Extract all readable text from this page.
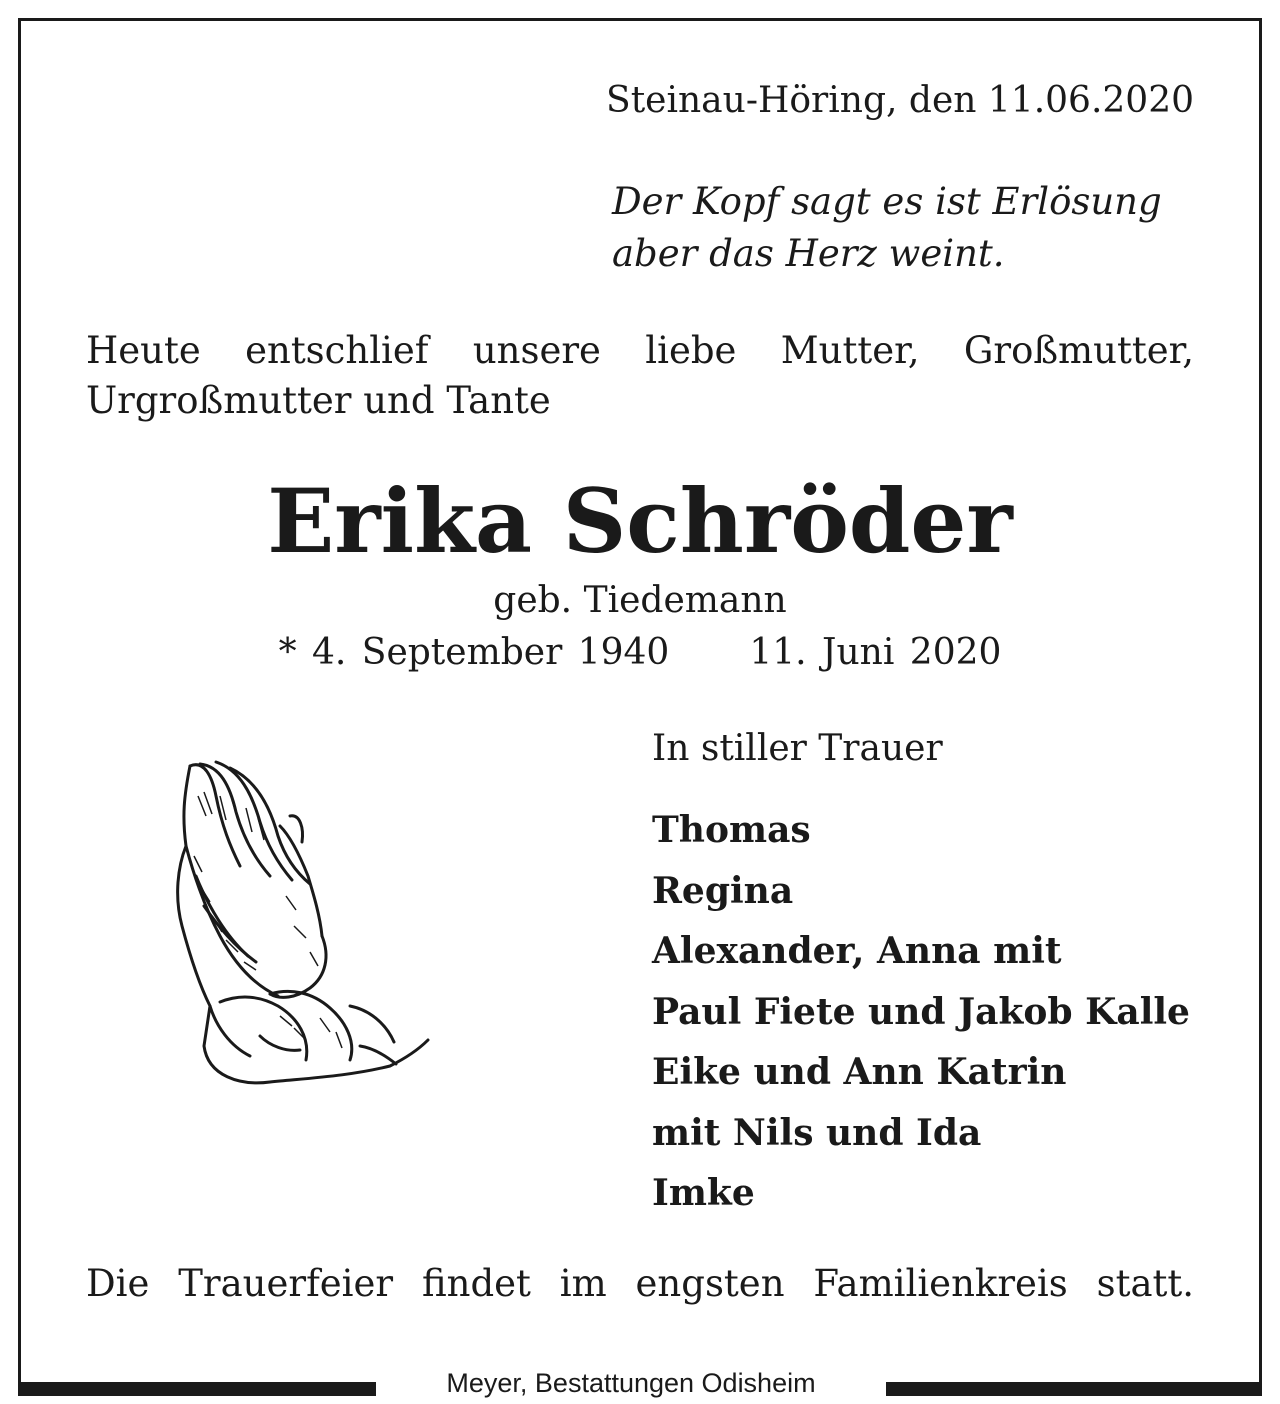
Meyer, Bestattungen Odisheim
Steinau-Höring, den 11.06.2020
Der Kopf sagt es ist Erlösung
aber das Herz weint.
Heute entschlief unsere liebe Mutter, Großmutter, Urgroßmutter und Tante
Erika Schröder
geb. Tiedemann
* 4. September 1940 11. Juni 2020
In stiller Trauer
Thomas
Regina
Alexander, Anna mit
Paul Fiete und Jakob Kalle
Eike und Ann Katrin
mit Nils und Ida
Imke
Die Trauerfeier findet im engsten Familienkreis statt.
